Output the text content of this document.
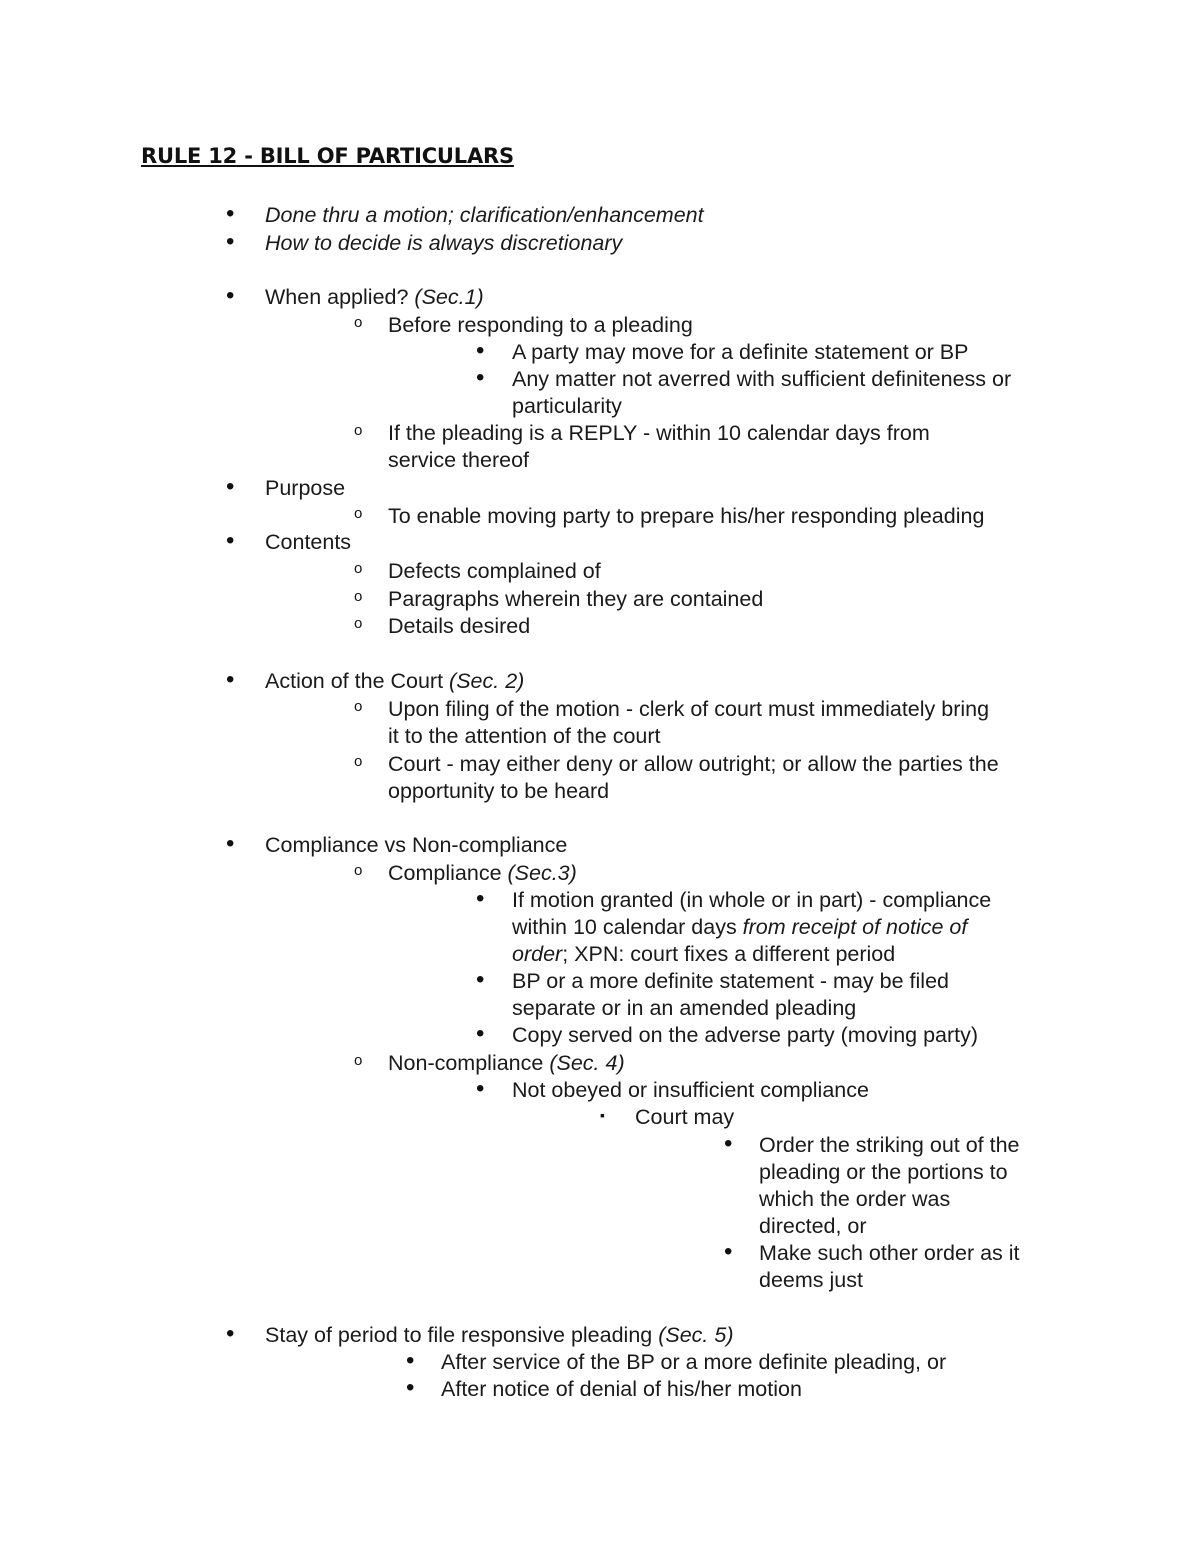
RULE 12 - BILL OF PARTICULARS
•
Done thru a motion; clarification/enhancement
•
How to decide is always discretionary
•
When applied? (Sec.1)
o
Before responding to a pleading
•
A party may move for a definite statement or BP
•
Any matter not averred with sufficient definiteness or
particularity
o
If the pleading is a REPLY - within 10 calendar days from
service thereof
•
Purpose
o
To enable moving party to prepare his/her responding pleading
•
Contents
o
Defects complained of
o
Paragraphs wherein they are contained
o
Details desired
•
Action of the Court (Sec. 2)
o
Upon filing of the motion - clerk of court must immediately bring
it to the attention of the court
o
Court - may either deny or allow outright; or allow the parties the
opportunity to be heard
•
Compliance vs Non-compliance
o
Compliance (Sec.3)
•
If motion granted (in whole or in part) - compliance
within 10 calendar days from receipt of notice of
order; XPN: court fixes a different period
•
BP or a more definite statement - may be filed
separate or in an amended pleading
•
Copy served on the adverse party (moving party)
o
Non-compliance (Sec. 4)
•
Not obeyed or insufficient compliance
▪
Court may
•
Order the striking out of the
pleading or the portions to
which the order was
directed, or
•
Make such other order as it
deems just
•
Stay of period to file responsive pleading (Sec. 5)
•
After service of the BP or a more definite pleading, or
•
After notice of denial of his/her motion
